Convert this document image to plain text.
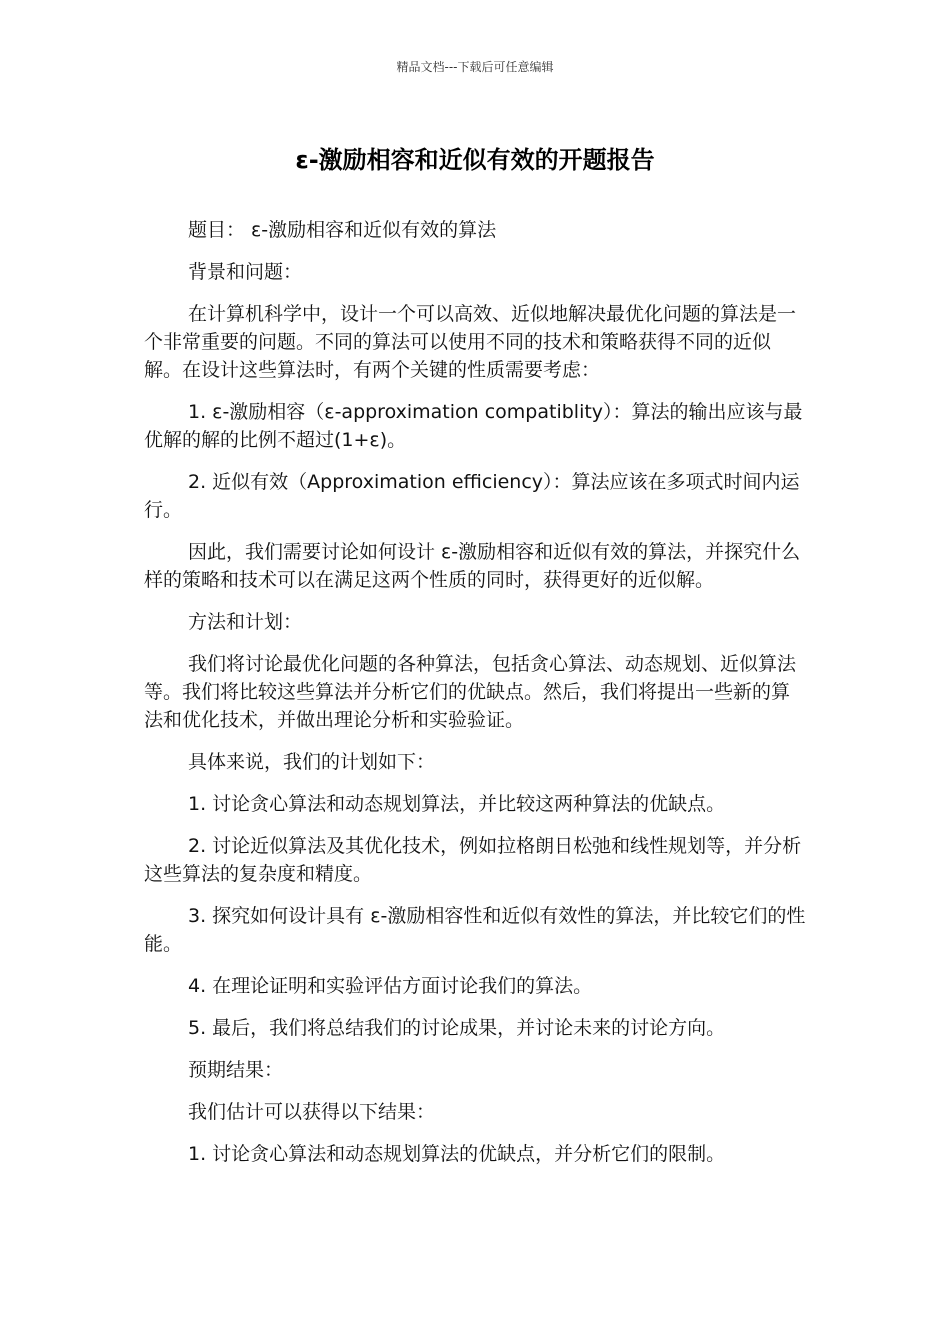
精品文档---下载后可任意编辑
ε-激励相容和近似有效的开题报告

题目： ε-激励相容和近似有效的算法

背景和问题：

在计算机科学中，设计一个可以高效、近似地解决最优化问题的算法是一个非常重要的问题。不同的算法可以使用不同的技术和策略获得不同的近似解。在设计这些算法时，有两个关键的性质需要考虑：

1. ε-激励相容（ε-approximation compatiblity）：算法的输出应该与最优解的解的比例不超过(1+ε)。

2. 近似有效（Approximation efficiency）：算法应该在多项式时间内运行。

因此，我们需要讨论如何设计 ε-激励相容和近似有效的算法，并探究什么样的策略和技术可以在满足这两个性质的同时，获得更好的近似解。

方法和计划：

我们将讨论最优化问题的各种算法，包括贪心算法、动态规划、近似算法等。我们将比较这些算法并分析它们的优缺点。然后，我们将提出一些新的算法和优化技术，并做出理论分析和实验验证。

具体来说，我们的计划如下：

1. 讨论贪心算法和动态规划算法，并比较这两种算法的优缺点。

2. 讨论近似算法及其优化技术，例如拉格朗日松弛和线性规划等，并分析这些算法的复杂度和精度。

3. 探究如何设计具有 ε-激励相容性和近似有效性的算法，并比较它们的性能。

4. 在理论证明和实验评估方面讨论我们的算法。

5. 最后，我们将总结我们的讨论成果，并讨论未来的讨论方向。

预期结果：

我们估计可以获得以下结果：

1. 讨论贪心算法和动态规划算法的优缺点，并分析它们的限制。
